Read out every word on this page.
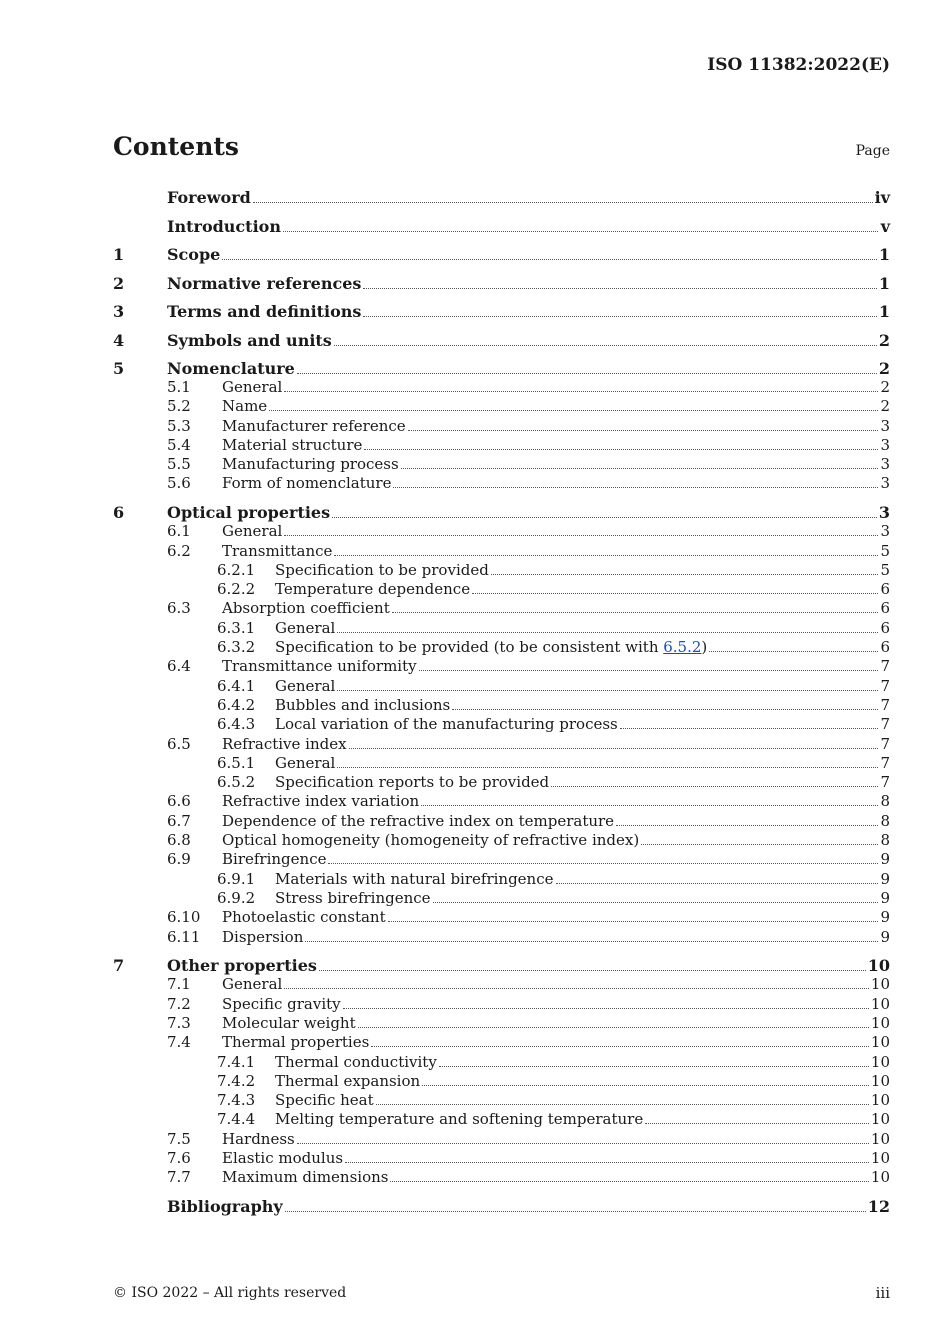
ISO 11382:2022(E)
Contents	Page
Foreword	iv
Introduction	v
1	Scope	1
2	Normative references	1
3	Terms and definitions	1
4	Symbols and units	2
5	Nomenclature	2
5.1	General	2
5.2	Name	2
5.3	Manufacturer reference	3
5.4	Material structure	3
5.5	Manufacturing process	3
5.6	Form of nomenclature	3
6	Optical properties	3
6.1	General	3
6.2	Transmittance	5
6.2.1	Specification to be provided	5
6.2.2	Temperature dependence	6
6.3	Absorption coefficient	6
6.3.1	General	6
6.3.2	Specification to be provided (to be consistent with 6.5.2)	6
6.4	Transmittance uniformity	7
6.4.1	General	7
6.4.2	Bubbles and inclusions	7
6.4.3	Local variation of the manufacturing process	7
6.5	Refractive index	7
6.5.1	General	7
6.5.2	Specification reports to be provided	7
6.6	Refractive index variation	8
6.7	Dependence of the refractive index on temperature	8
6.8	Optical homogeneity (homogeneity of refractive index)	8
6.9	Birefringence	9
6.9.1	Materials with natural birefringence	9
6.9.2	Stress birefringence	9
6.10	Photoelastic constant	9
6.11	Dispersion	9
7	Other properties	10
7.1	General	10
7.2	Specific gravity	10
7.3	Molecular weight	10
7.4	Thermal properties	10
7.4.1	Thermal conductivity	10
7.4.2	Thermal expansion	10
7.4.3	Specific heat	10
7.4.4	Melting temperature and softening temperature	10
7.5	Hardness	10
7.6	Elastic modulus	10
7.7	Maximum dimensions	10
Bibliography	12
© ISO 2022 – All rights reserved	iii
